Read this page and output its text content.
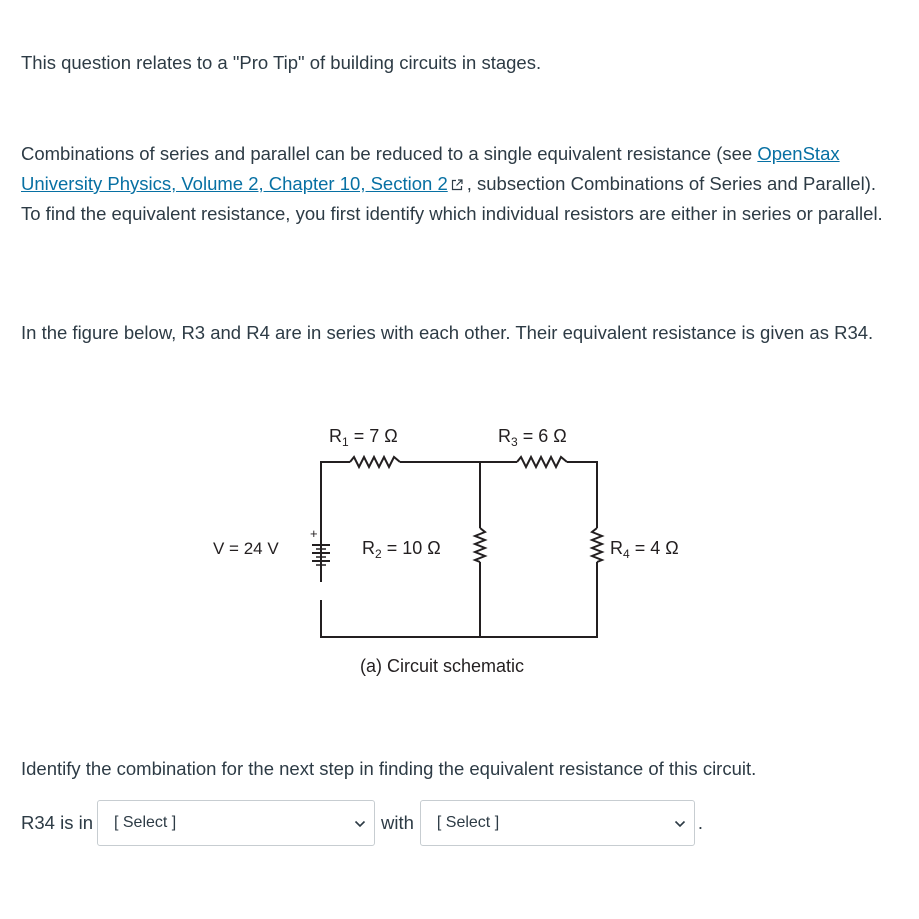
This question relates to a "Pro Tip" of building circuits in stages.

Combinations of series and parallel can be reduced to a single equivalent resistance (see OpenStax University Physics, Volume 2, Chapter 10, Section 2 , subsection Combinations of Series and Parallel). To find the equivalent resistance, you first identify which individual resistors are either in series or parallel.

In the figure below, R3 and R4 are in series with each other. Their equivalent resistance is given as R34.

+
$R_1 = 7$ Ω	$R_3 = 6$ Ω
$R_2 = 10$ Ω	$R_4 = 4$ Ω
V = 24 V
(a) Circuit schematic

Identify the combination for the next step in finding the equivalent resistance of this circuit.

R34 is in [ Select ]	with [ Select ]	.
